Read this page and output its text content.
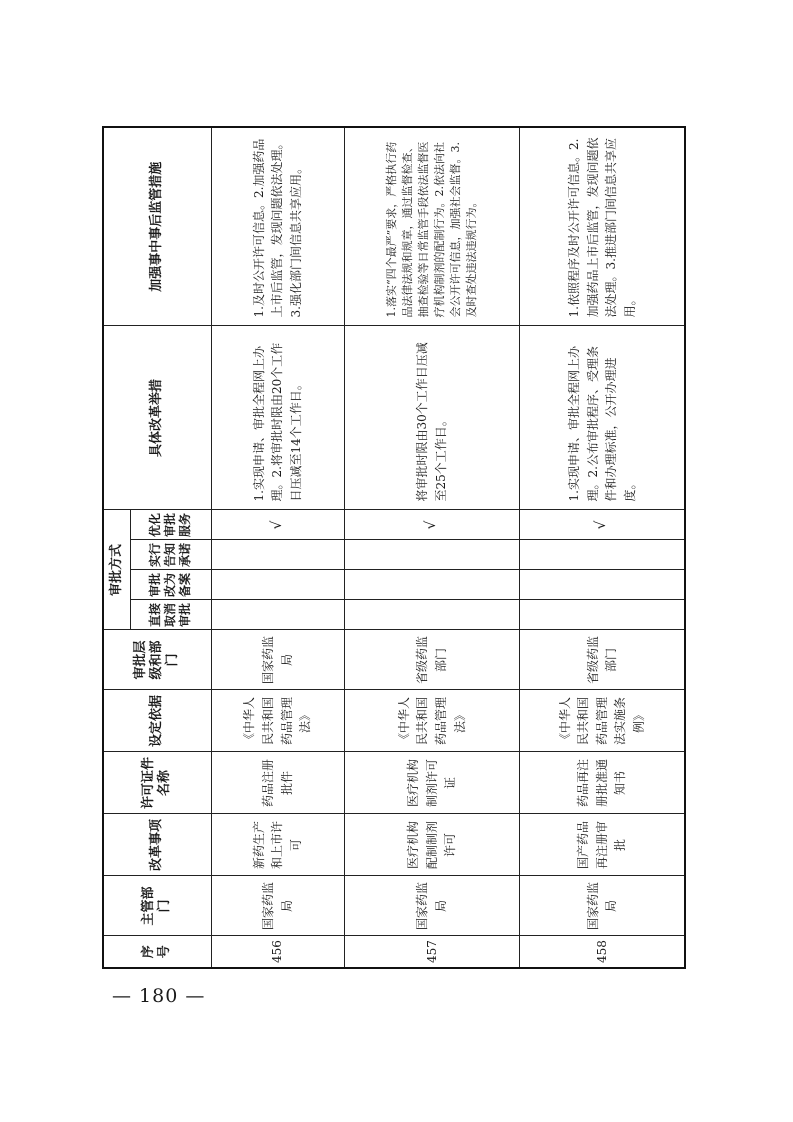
序号	主管部门	改革事项	许可证件名称	设定依据	审批层级和部门	审批方式				具体改革举措	加强事中事后监管措施
						直接取消审批	审批改为备案	实行告知承诺	优化审批服务		
456	国家药监局	新药生产和上市许可	药品注册批件	《中华人民共和国药品管理法》	国家药监局				√	1.实现申请、审批全程网上办理。2.将审批时限由20个工作日压减至14个工作日。	1.及时公开许可信息。2.加强药品上市后监管，发现问题依法处理。3.强化部门间信息共享应用。
457	国家药监局	医疗机构配制制剂许可	医疗机构制剂许可证	《中华人民共和国药品管理法》	省级药监部门				√	将审批时限由30个工作日压减至25个工作日。	1.落实“四个最严”要求，严格执行药品法律法规和规章，通过监督检查、抽查检验等日常监管手段依法监督医疗机构制剂的配制行为。2.依法向社会公开许可信息，加强社会监督。3.及时查处违法违规行为。
458	国家药监局	国产药品再注册审批	药品再注册批准通知书	《中华人民共和国药品管理法实施条例》	省级药监部门				√	1.实现申请、审批全程网上办理。2.公布审批程序、受理条件和办理标准，公开办理进度。	1.依照程序及时公开许可信息。2.加强药品上市后监管，发现问题依法处理。3.推进部门间信息共享应用。
— 180 —
